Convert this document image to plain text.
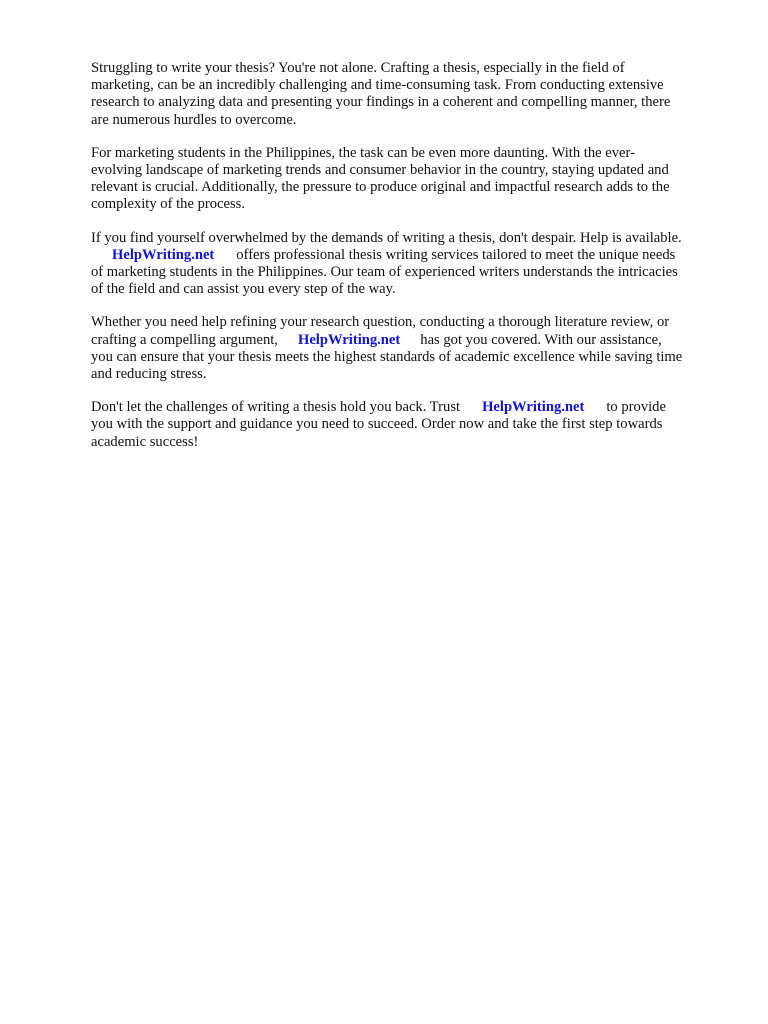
Struggling to write your thesis? You're not alone. Crafting a thesis, especially in the field of
marketing, can be an incredibly challenging and time-consuming task. From conducting extensive
research to analyzing data and presenting your findings in a coherent and compelling manner, there
are numerous hurdles to overcome.

For marketing students in the Philippines, the task can be even more daunting. With the ever-
evolving landscape of marketing trends and consumer behavior in the country, staying updated and
relevant is crucial. Additionally, the pressure to produce original and impactful research adds to the
complexity of the process.

If you find yourself overwhelmed by the demands of writing a thesis, don't despair. Help is available.
HelpWriting.net offers professional thesis writing services tailored to meet the unique needs
of marketing students in the Philippines. Our team of experienced writers understands the intricacies
of the field and can assist you every step of the way.

Whether you need help refining your research question, conducting a thorough literature review, or
crafting a compelling argument, HelpWriting.net has got you covered. With our assistance,
you can ensure that your thesis meets the highest standards of academic excellence while saving time
and reducing stress.

Don't let the challenges of writing a thesis hold you back. Trust HelpWriting.net to provide
you with the support and guidance you need to succeed. Order now and take the first step towards
academic success!
